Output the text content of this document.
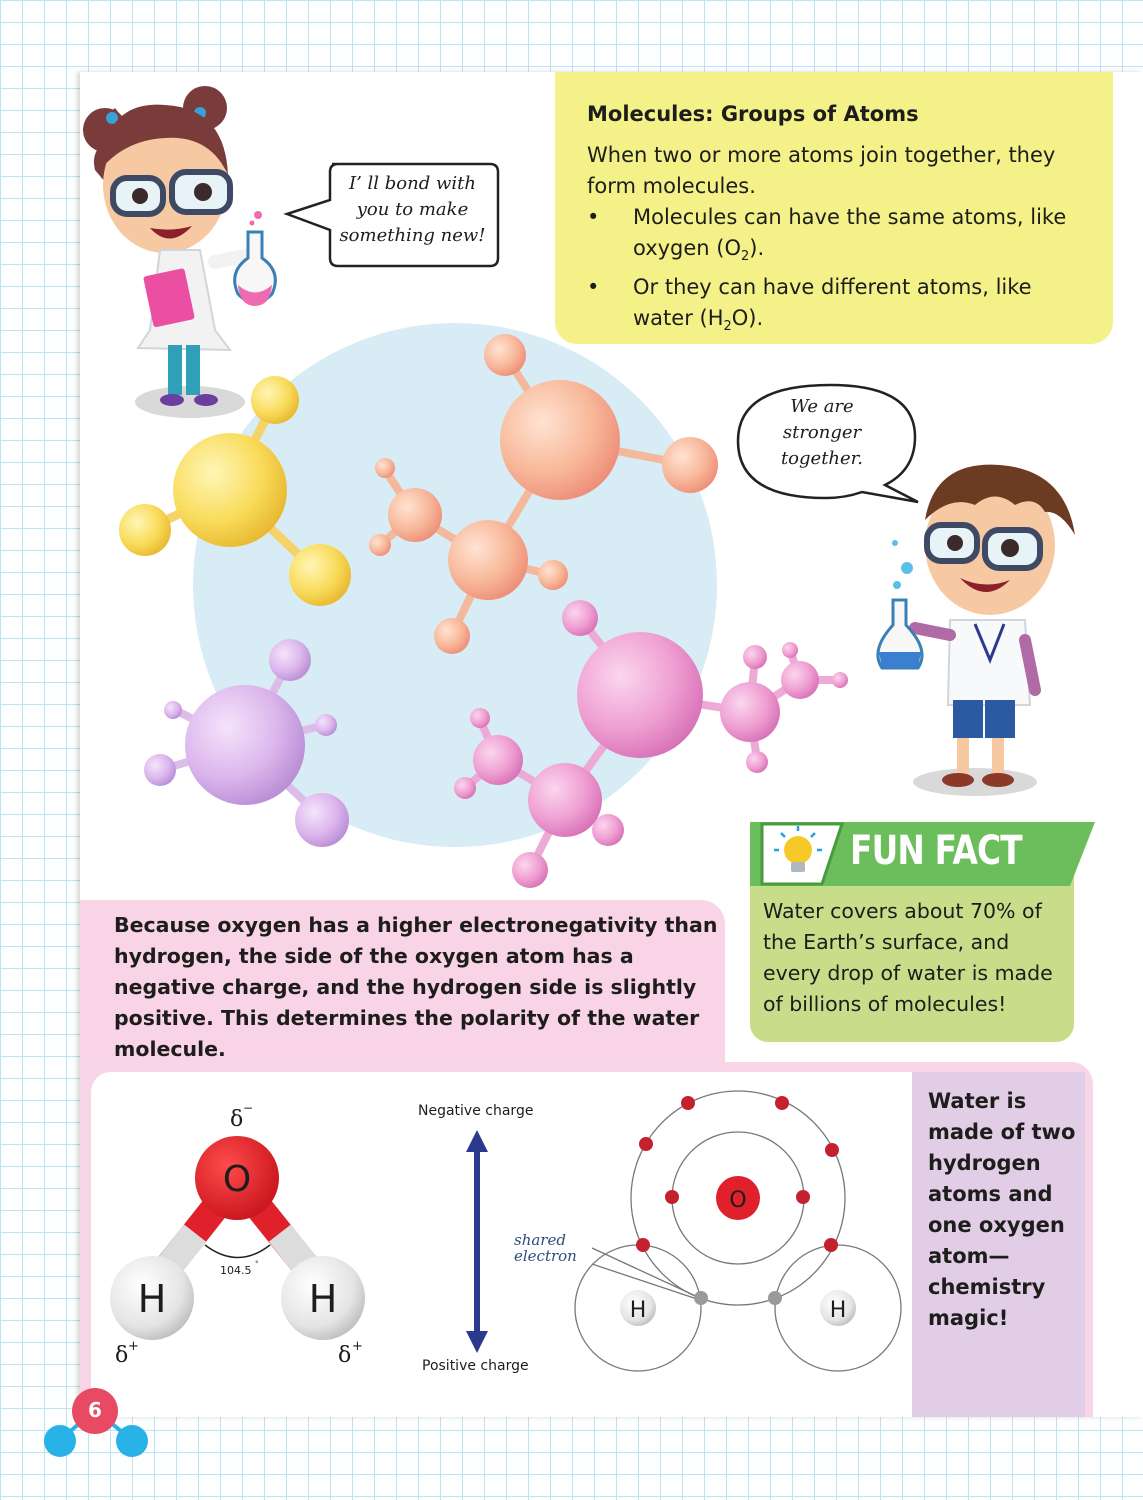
Molecules: Groups of Atoms

When two or more atoms join together, they form molecules.

• Molecules can have the same atoms, like oxygen $(O_2)$.
• Or they can have different atoms, like water $(H_2O)$.
I’ ll bond with
you to make
something new!
We are
stronger
together.
Water covers about 70% of the Earth’s surface, and every drop of water is made of billions of molecules!
FUN FACT

Because oxygen has a higher electronegativity than hydrogen, the side of the oxygen atom has a negative charge, and the hydrogen side is slightly positive. This determines the polarity of the water molecule.

O
H	H
104.5 °
δ −
δ +	δ +
O
H	H
Negative charge
Positive charge
shared
electron

Water is made of two hydrogen atoms and one oxygen atom— chemistry magic!

6
